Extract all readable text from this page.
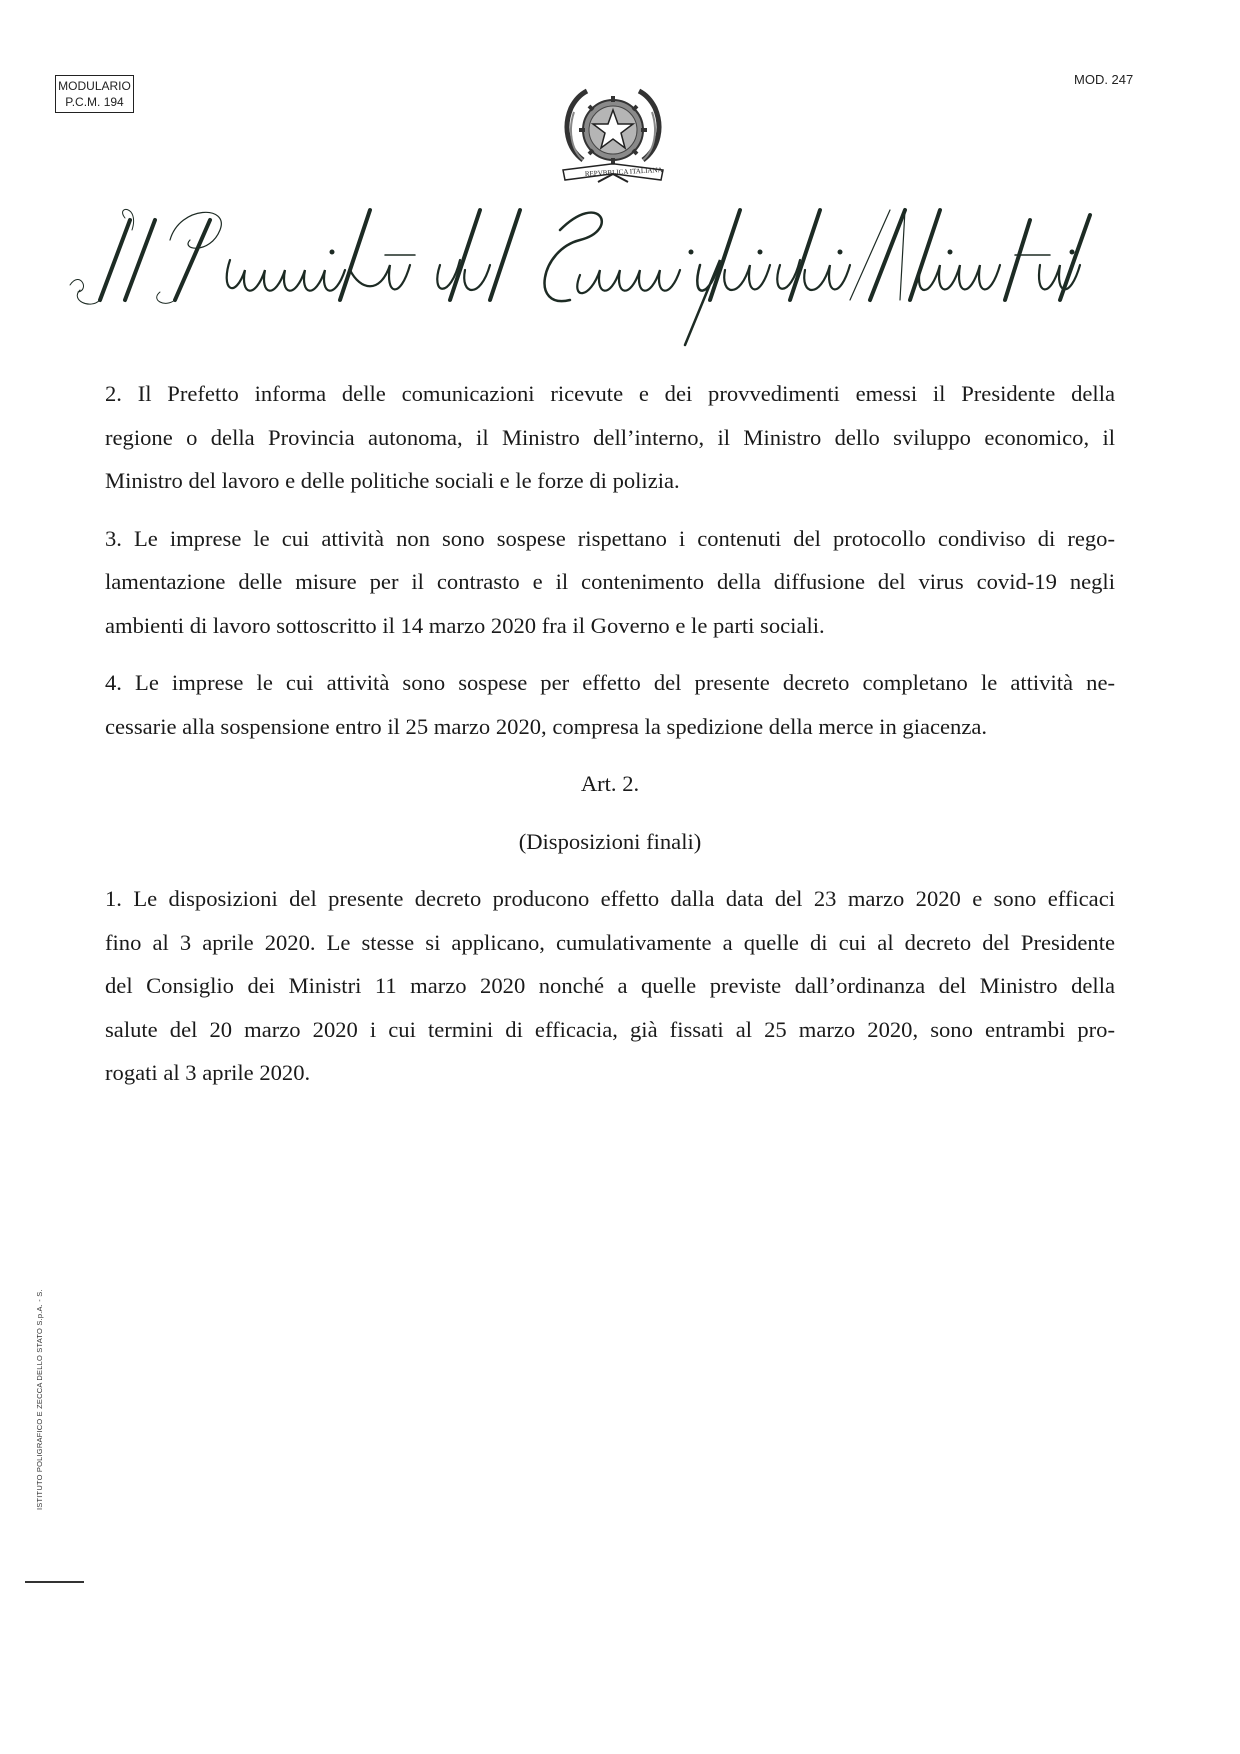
MODULARIO
P.C.M. 194
MOD. 247
REPVBBLICA ITALIANA
2. Il Prefetto informa delle comunicazioni ricevute e dei provvedimenti emessi il Presidente della
regione o della Provincia autonoma, il Ministro dell’interno, il Ministro dello sviluppo economico, il
Ministro del lavoro e delle politiche sociali e le forze di polizia.
3. Le imprese le cui attività non sono sospese rispettano i contenuti del protocollo condiviso di rego-
lamentazione delle misure per il contrasto e il contenimento della diffusione del virus covid-19 negli
ambienti di lavoro sottoscritto il 14 marzo 2020 fra il Governo e le parti sociali.
4. Le imprese le cui attività sono sospese per effetto del presente decreto completano le attività ne-
cessarie alla sospensione entro il 25 marzo 2020, compresa la spedizione della merce in giacenza.
Art. 2.
(Disposizioni finali)
1. Le disposizioni del presente decreto producono effetto dalla data del 23 marzo 2020 e sono efficaci
fino al 3 aprile 2020. Le stesse si applicano, cumulativamente a quelle di cui al decreto del Presidente
del Consiglio dei Ministri 11 marzo 2020 nonché a quelle previste dall’ordinanza del Ministro della
salute del 20 marzo 2020 i cui termini di efficacia, già fissati al 25 marzo 2020, sono entrambi pro-
rogati al 3 aprile 2020.
ISTITUTO POLIGRAFICO E ZECCA DELLO STATO S.p.A. - S.
